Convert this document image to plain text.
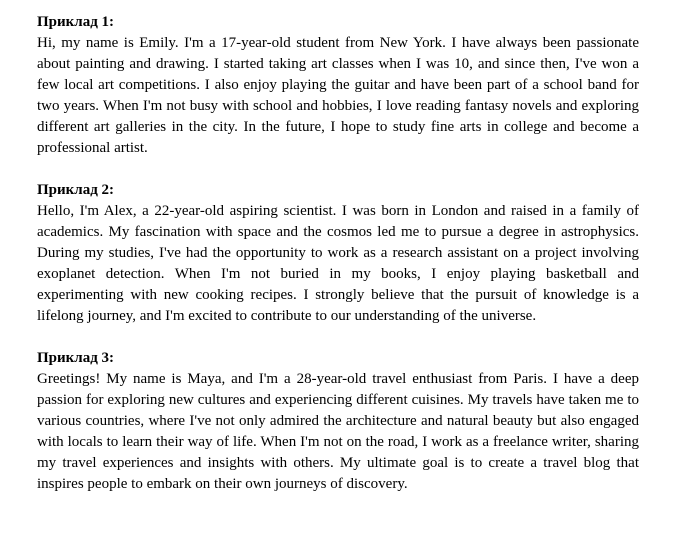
Приклад 1:

Hi, my name is Emily. I'm a 17-year-old student from New York. I have always been passionate about painting and drawing. I started taking art classes when I was 10, and since then, I've won a few local art competitions. I also enjoy playing the guitar and have been part of a school band for two years. When I'm not busy with school and hobbies, I love reading fantasy novels and exploring different art galleries in the city. In the future, I hope to study fine arts in college and become a professional artist.

Приклад 2:

Hello, I'm Alex, a 22-year-old aspiring scientist. I was born in London and raised in a family of academics. My fascination with space and the cosmos led me to pursue a degree in astrophysics. During my studies, I've had the opportunity to work as a research assistant on a project involving exoplanet detection. When I'm not buried in my books, I enjoy playing basketball and experimenting with new cooking recipes. I strongly believe that the pursuit of knowledge is a lifelong journey, and I'm excited to contribute to our understanding of the universe.

Приклад 3:

Greetings! My name is Maya, and I'm a 28-year-old travel enthusiast from Paris. I have a deep passion for exploring new cultures and experiencing different cuisines. My travels have taken me to various countries, where I've not only admired the architecture and natural beauty but also engaged with locals to learn their way of life. When I'm not on the road, I work as a freelance writer, sharing my travel experiences and insights with others. My ultimate goal is to create a travel blog that inspires people to embark on their own journeys of discovery.
